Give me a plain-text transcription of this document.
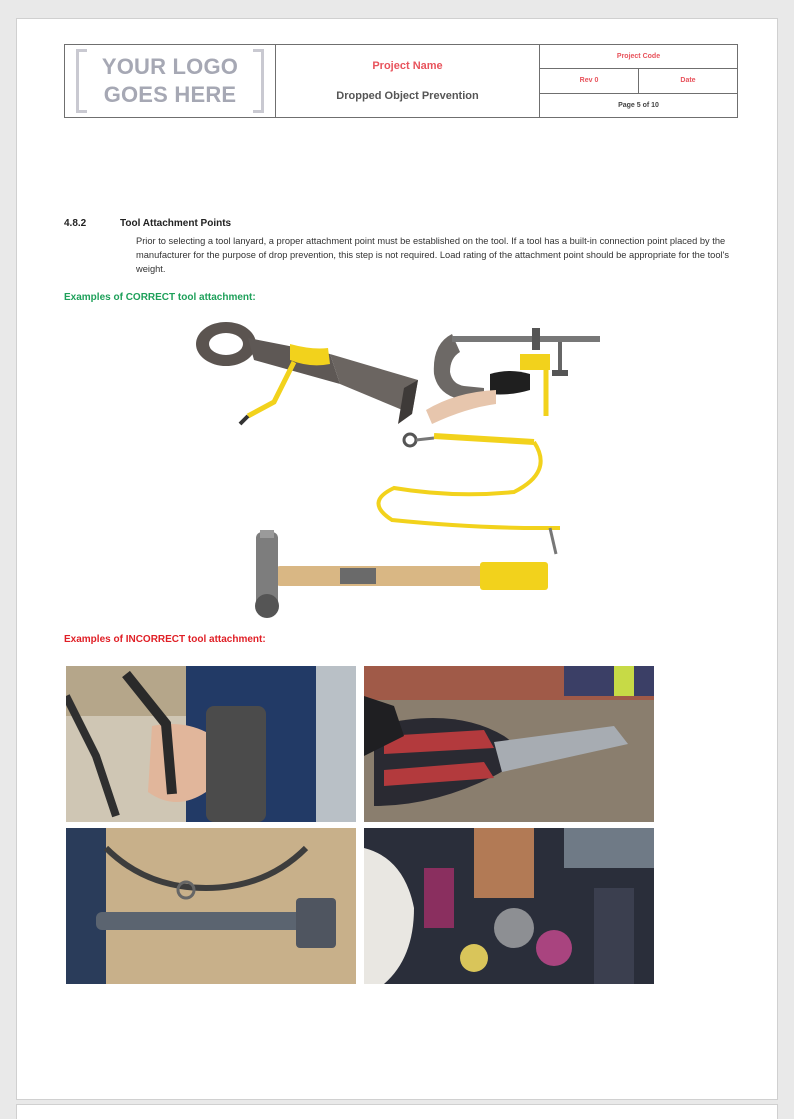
YOUR LOGO
GOES HERE
Project Name
Dropped Object Prevention
Project Code
Rev 0	Date
Page 5 of 10
4.8.2	Tool Attachment Points
Prior to selecting a tool lanyard, a proper attachment point must be established on the tool. If a tool has a built-in connection point placed by the manufacturer for the purpose of drop prevention, this step is not required. Load rating of the attachment point should be appropriate for the tool's weight.
Examples of CORRECT tool attachment:
Examples of INCORRECT tool attachment:
